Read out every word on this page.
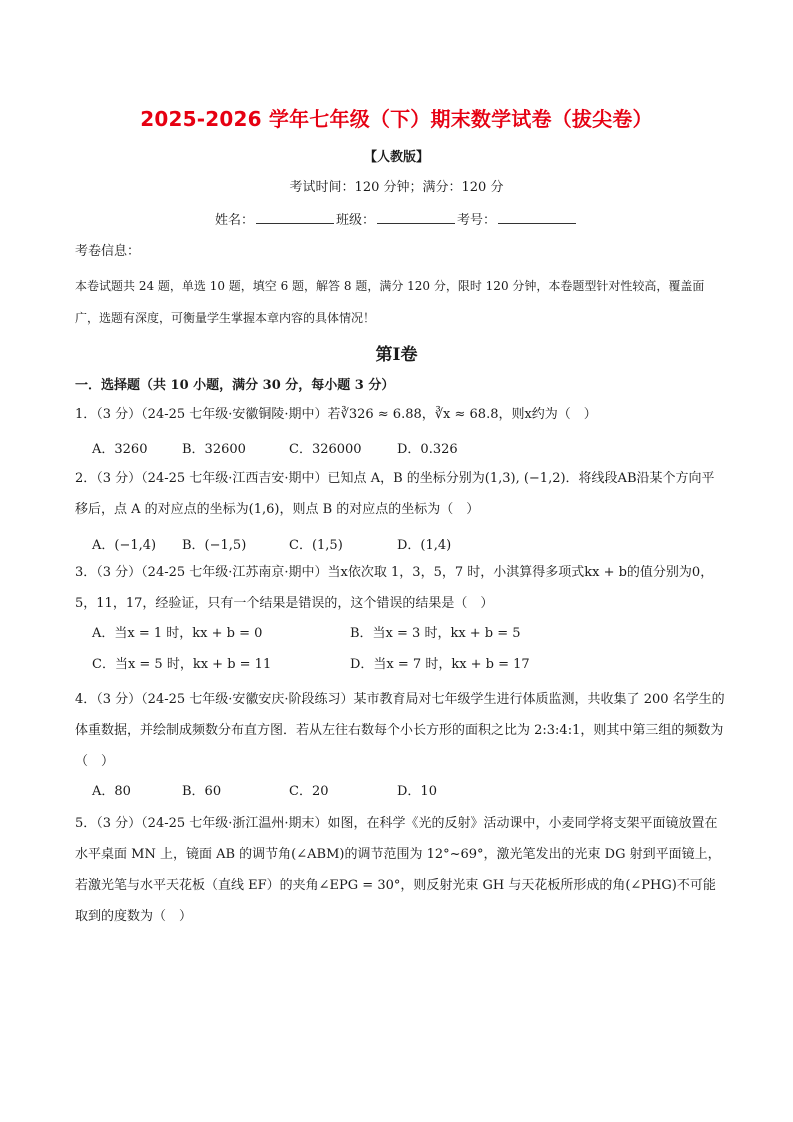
2025-2026 学年七年级（下）期末数学试卷（拔尖卷）
【人教版】
考试时间：120 分钟；满分：120 分
姓名：	班级：	考号：
考卷信息：
本卷试题共 24 题，单选 10 题，填空 6 题，解答 8 题，满分 120 分，限时 120 分钟，本卷题型针对性较高，覆盖面广，选题有深度，可衡量学生掌握本章内容的具体情况！
第Ⅰ卷
一．选择题（共 10 小题，满分 30 分，每小题 3 分）
1．（3 分）（24-25 七年级·安徽铜陵·期中）若∛326 ≈ 6.88，∛x ≈ 68.8，则x约为（　）
A．3260	B．32600	C．326000	D．0.326
2．（3 分）（24-25 七年级·江西吉安·期中）已知点 A，B 的坐标分别为(1,3), (−1,2)．将线段AB沿某个方向平移后，点 A 的对应点的坐标为(1,6)，则点 B 的对应点的坐标为（　）
A．(−1,4) B．(−1,5)	C．(1,5)	D．(1,4)
3．（3 分）（24-25 七年级·江苏南京·期中）当x依次取 1，3，5，7 时，小淇算得多项式kx + b的值分别为0，5，11，17，经验证，只有一个结果是错误的，这个错误的结果是（　）
A．当x = 1 时，kx + b = 0	B．当x = 3 时，kx + b = 5
C．当x = 5 时，kx + b = 11	D．当x = 7 时，kx + b = 17
4．（3 分）（24-25 七年级·安徽安庆·阶段练习）某市教育局对七年级学生进行体质监测，共收集了 200 名学生的体重数据，并绘制成频数分布直方图．若从左往右数每个小长方形的面积之比为 2:3:4:1，则其中第三组的频数为（　）
A．80	B．60	C．20	D．10
5．（3 分）（24-25 七年级·浙江温州·期末）如图，在科学《光的反射》活动课中，小麦同学将支架平面镜放置在水平桌面 MN 上，镜面 AB 的调节角(∠ABM)的调节范围为 12°~69°，激光笔发出的光束 DG 射到平面镜上，若激光笔与水平天花板（直线 EF）的夹角∠EPG = 30°，则反射光束 GH 与天花板所形成的角(∠PHG)不可能取到的度数为（　）
